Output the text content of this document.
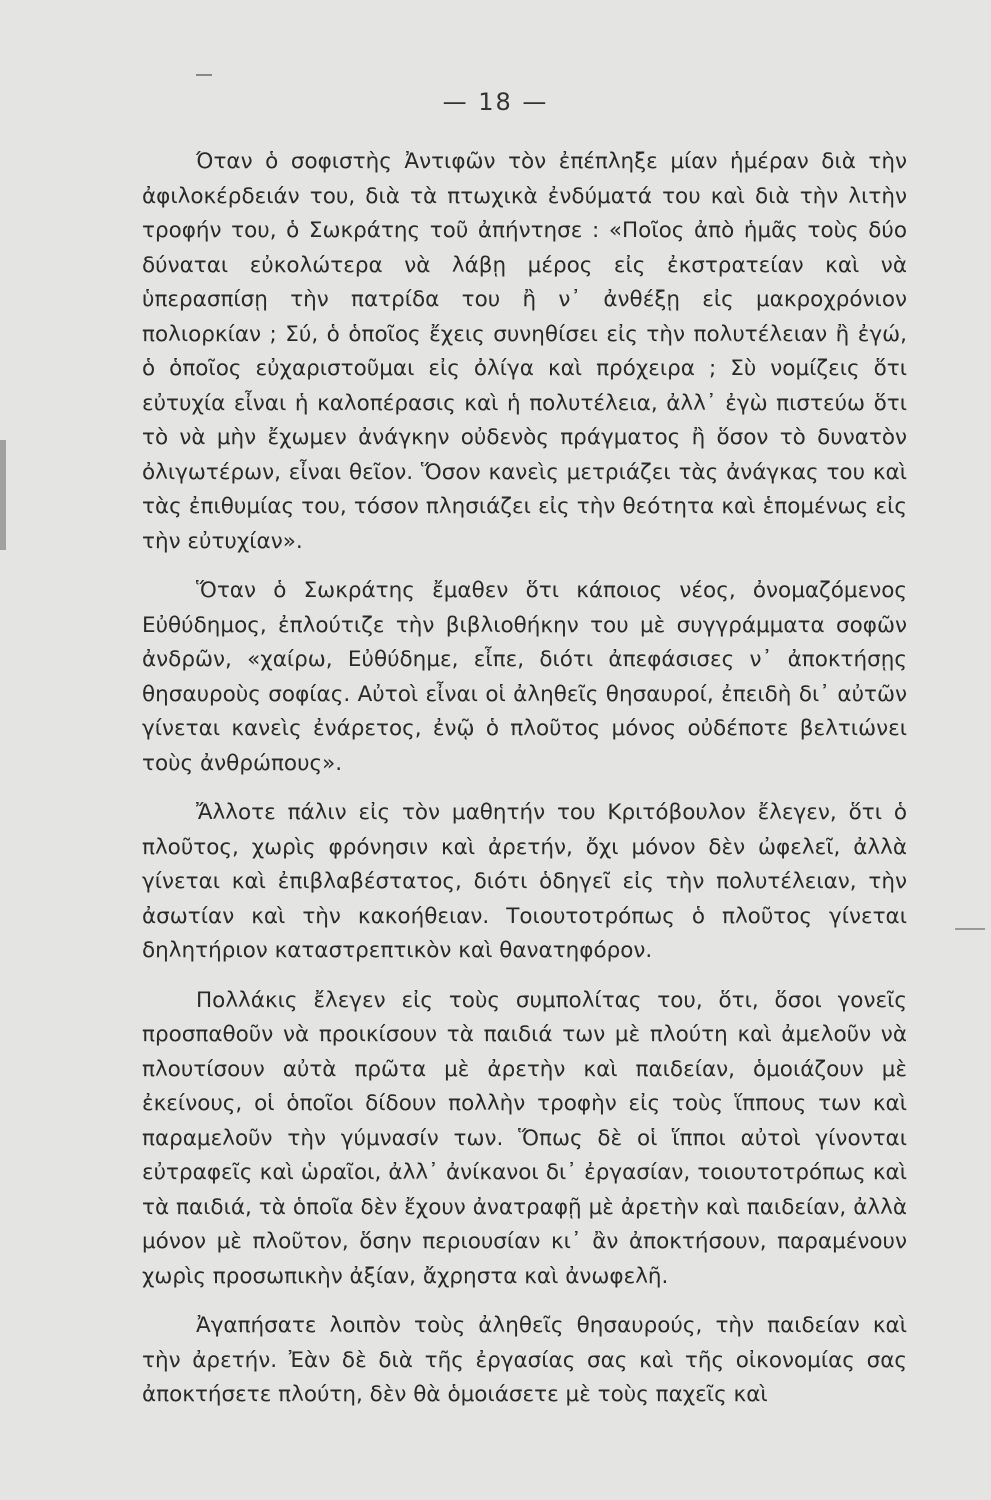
— 18 —

Όταν ὁ σοφιστὴς Ἀντιφῶν τὸν ἐπέπληξε μίαν ἡμέραν διὰ τὴν ἀφιλοκέρδειάν του, διὰ τὰ πτωχικὰ ἐνδύματά του καὶ διὰ τὴν λιτὴν τροφήν του, ὁ Σωκράτης τοῦ ἀπήντησε : «Ποῖος ἀπὸ ἡμᾶς τοὺς δύο δύναται εὐκολώτερα νὰ λάβῃ μέρος εἰς ἐκστρατείαν καὶ νὰ ὑπερασπίσῃ τὴν πατρίδα του ἢ ν᾽ ἀνθέξῃ εἰς μακροχρόνιον πολιορκίαν ; Σύ, ὁ ὁποῖος ἔχεις συνηθίσει εἰς τὴν πολυτέλειαν ἢ ἐγώ, ὁ ὁποῖος εὐχαριστοῦμαι εἰς ὀλίγα καὶ πρόχειρα ; Σὺ νομίζεις ὅτι εὐτυχία εἶναι ἡ καλοπέρασις καὶ ἡ πολυτέλεια, ἀλλ᾽ ἐγὼ πιστεύω ὅτι τὸ νὰ μὴν ἔχωμεν ἀνάγκην οὐδενὸς πράγματος ἢ ὅσον τὸ δυνατὸν ὀλιγωτέρων, εἶναι θεῖον. Ὅσον κανεὶς μετριάζει τὰς ἀνάγκας του καὶ τὰς ἐπιθυμίας του, τόσον πλησιάζει εἰς τὴν θεότητα καὶ ἑπομένως εἰς τὴν εὐτυχίαν».

Ὅταν ὁ Σωκράτης ἔμαθεν ὅτι κάποιος νέος, ὀνομαζόμενος Εὐθύδημος, ἐπλούτιζε τὴν βιβλιοθήκην του μὲ συγγράμματα σοφῶν ἀνδρῶν, «χαίρω, Εὐθύδημε, εἶπε, διότι ἀπεφάσισες ν᾽ ἀποκτήσῃς θησαυροὺς σοφίας. Αὐτοὶ εἶναι οἱ ἀληθεῖς θησαυροί, ἐπειδὴ δι᾽ αὐτῶν γίνεται κανεὶς ἐνάρετος, ἐνῷ ὁ πλοῦτος μόνος οὐδέποτε βελτιώνει τοὺς ἀνθρώπους».

Ἄλλοτε πάλιν εἰς τὸν μαθητήν του Κριτόβουλον ἔλεγεν, ὅτι ὁ πλοῦτος, χωρὶς φρόνησιν καὶ ἀρετήν, ὄχι μόνον δὲν ὠφελεῖ, ἀλλὰ γίνεται καὶ ἐπιβλαβέστατος, διότι ὁδηγεῖ εἰς τὴν πολυτέλειαν, τὴν ἀσωτίαν καὶ τὴν κακοήθειαν. Τοιουτοτρόπως ὁ πλοῦτος γίνεται δηλητήριον καταστρεπτικὸν καὶ θανατηφόρον.

Πολλάκις ἔλεγεν εἰς τοὺς συμπολίτας του, ὅτι, ὅσοι γονεῖς προσπαθοῦν νὰ προικίσουν τὰ παιδιά των μὲ πλούτη καὶ ἀμελοῦν νὰ πλουτίσουν αὐτὰ πρῶτα μὲ ἀρετὴν καὶ παιδείαν, ὁμοιάζουν μὲ ἐκείνους, οἱ ὁποῖοι δίδουν πολλὴν τροφὴν εἰς τοὺς ἵππους των καὶ παραμελοῦν τὴν γύμνασίν των. Ὅπως δὲ οἱ ἵπποι αὐτοὶ γίνονται εὐτραφεῖς καὶ ὡραῖοι, ἀλλ᾽ ἀνίκανοι δι᾽ ἐργασίαν, τοιουτοτρόπως καὶ τὰ παιδιά, τὰ ὁποῖα δὲν ἔχουν ἀνατραφῇ μὲ ἀρετὴν καὶ παιδείαν, ἀλλὰ μόνον μὲ πλοῦτον, ὅσην περιουσίαν κι᾽ ἂν ἀποκτήσουν, παραμένουν χωρὶς προσωπικὴν ἀξίαν, ἄχρηστα καὶ ἀνωφελῆ.

Ἀγαπήσατε λοιπὸν τοὺς ἀληθεῖς θησαυρούς, τὴν παιδείαν καὶ τὴν ἀρετήν. Ἐὰν δὲ διὰ τῆς ἐργασίας σας καὶ τῆς οἰκονομίας σας ἀποκτήσετε πλούτη, δὲν θὰ ὁμοιάσετε μὲ τοὺς παχεῖς καὶ
